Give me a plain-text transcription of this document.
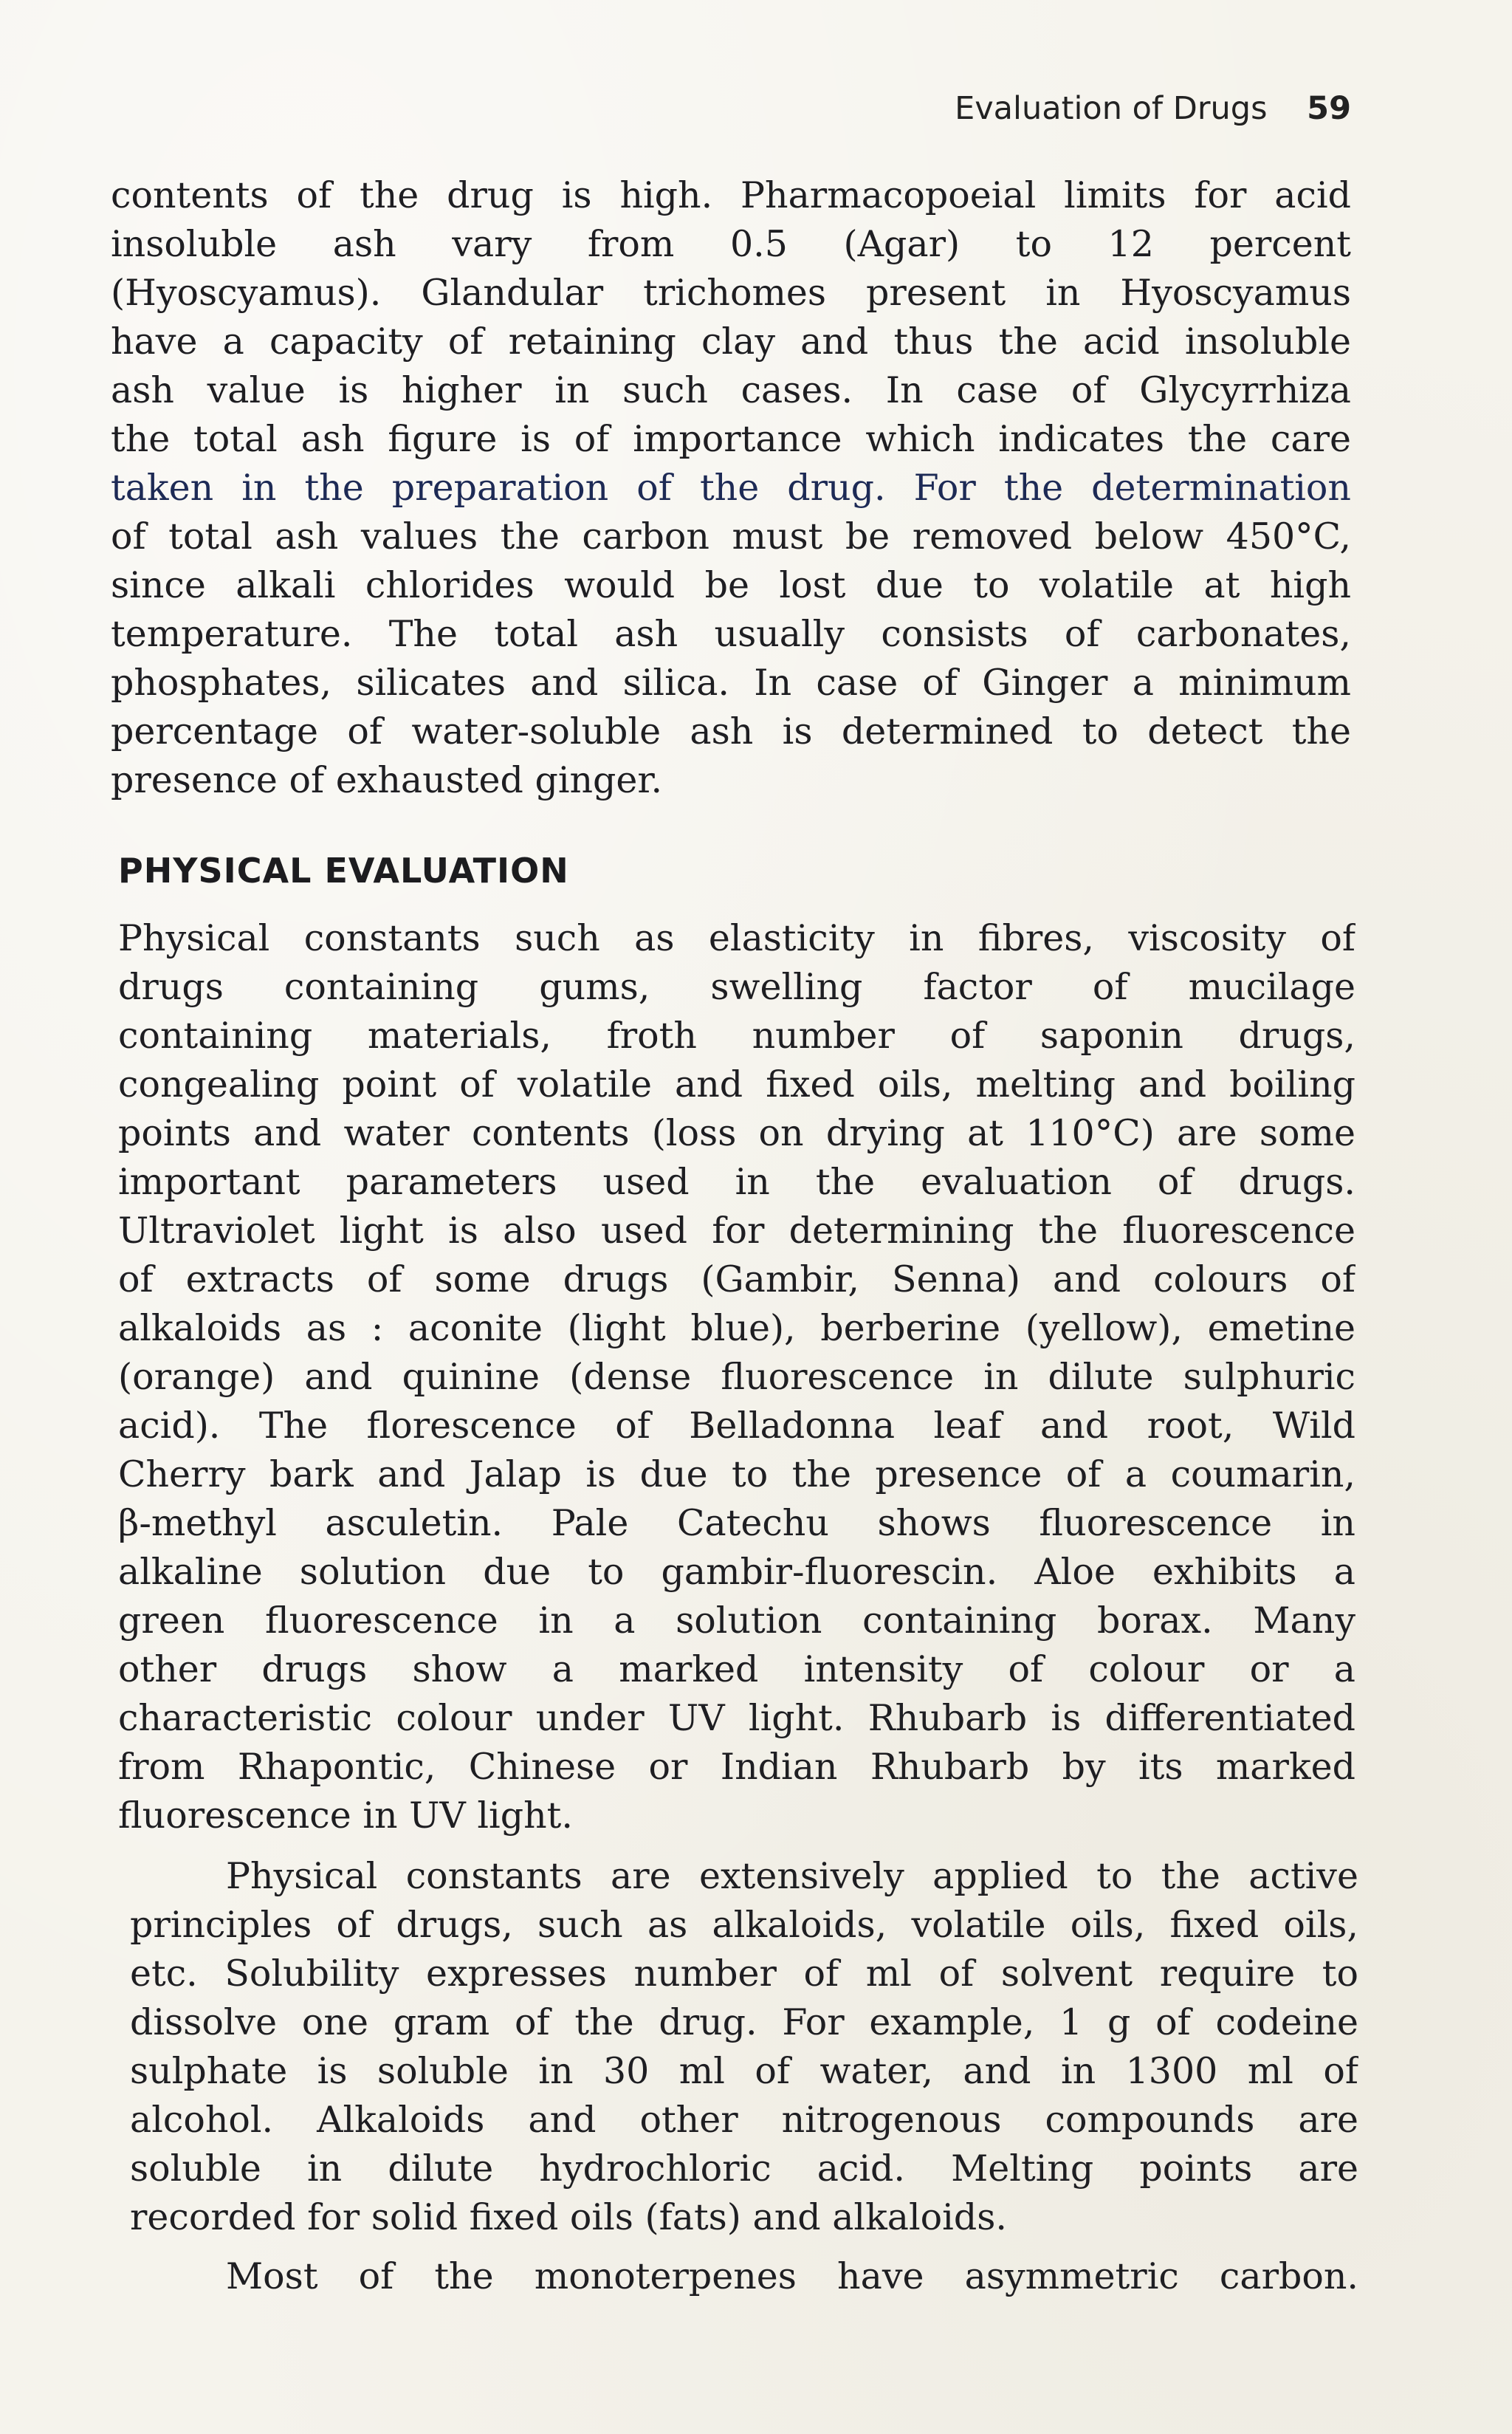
Evaluation of Drugs 59
contents of the drug is high. Pharmacopoeial limits for acid
insoluble ash vary from 0.5 (Agar) to 12 percent
(Hyoscyamus). Glandular trichomes present in Hyoscyamus
have a capacity of retaining clay and thus the acid insoluble
ash value is higher in such cases. In case of Glycyrrhiza
the total ash figure is of importance which indicates the care
taken in the preparation of the drug. For the determination
of total ash values the carbon must be removed below 450°C,
since alkali chlorides would be lost due to volatile at high
temperature. The total ash usually consists of carbonates,
phosphates, silicates and silica. In case of Ginger a minimum
percentage of water-soluble ash is determined to detect the
presence of exhausted ginger.
PHYSICAL EVALUATION
Physical constants such as elasticity in fibres, viscosity of
drugs containing gums, swelling factor of mucilage
containing materials, froth number of saponin drugs,
congealing point of volatile and fixed oils, melting and boiling
points and water contents (loss on drying at 110°C) are some
important parameters used in the evaluation of drugs.
Ultraviolet light is also used for determining the fluorescence
of extracts of some drugs (Gambir, Senna) and colours of
alkaloids as : aconite (light blue), berberine (yellow), emetine
(orange) and quinine (dense fluorescence in dilute sulphuric
acid). The florescence of Belladonna leaf and root, Wild
Cherry bark and Jalap is due to the presence of a coumarin,
β-methyl asculetin. Pale Catechu shows fluorescence in
alkaline solution due to gambir-fluorescin. Aloe exhibits a
green fluorescence in a solution containing borax. Many
other drugs show a marked intensity of colour or a
characteristic colour under UV light. Rhubarb is differentiated
from Rhapontic, Chinese or Indian Rhubarb by its marked
fluorescence in UV light.
Physical constants are extensively applied to the active
principles of drugs, such as alkaloids, volatile oils, fixed oils,
etc. Solubility expresses number of ml of solvent require to
dissolve one gram of the drug. For example, 1 g of codeine
sulphate is soluble in 30 ml of water, and in 1300 ml of
alcohol. Alkaloids and other nitrogenous compounds are
soluble in dilute hydrochloric acid. Melting points are
recorded for solid fixed oils (fats) and alkaloids.
Most of the monoterpenes have asymmetric carbon.
